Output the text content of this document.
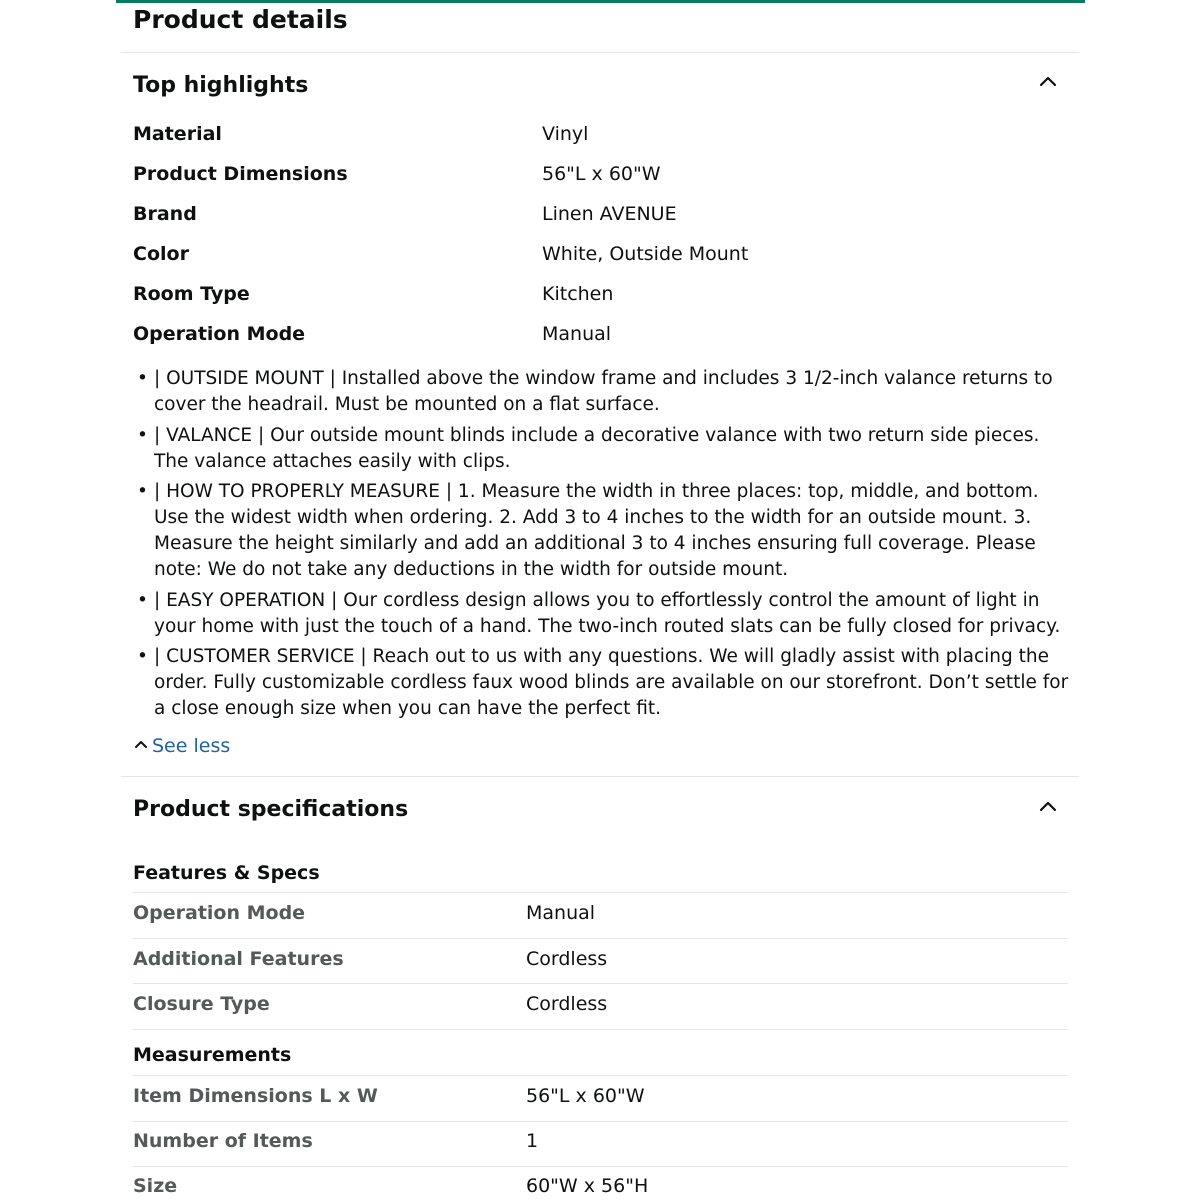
Product details
Top highlights
Material	Vinyl
Product Dimensions	56"L x 60"W
Brand	Linen AVENUE
Color	White, Outside Mount
Room Type	Kitchen
Operation Mode	Manual
• | OUTSIDE MOUNT | Installed above the window frame and includes 3 1/2-inch valance returns to cover the headrail. Must be mounted on a flat surface.
• | VALANCE | Our outside mount blinds include a decorative valance with two return side pieces. The valance attaches easily with clips.
• | HOW TO PROPERLY MEASURE | 1. Measure the width in three places: top, middle, and bottom. Use the widest width when ordering. 2. Add 3 to 4 inches to the width for an outside mount. 3. Measure the height similarly and add an additional 3 to 4 inches ensuring full coverage. Please note: We do not take any deductions in the width for outside mount.
• | EASY OPERATION | Our cordless design allows you to effortlessly control the amount of light in your home with just the touch of a hand. The two-inch routed slats can be fully closed for privacy.
• | CUSTOMER SERVICE | Reach out to us with any questions. We will gladly assist with placing the order. Fully customizable cordless faux wood blinds are available on our storefront. Don’t settle for a close enough size when you can have the perfect fit.
See less
Product specifications
Features & Specs
Operation Mode	Manual
Additional Features	Cordless
Closure Type	Cordless
Measurements
Item Dimensions L x W	56"L x 60"W
Number of Items	1
Size	60"W x 56"H
